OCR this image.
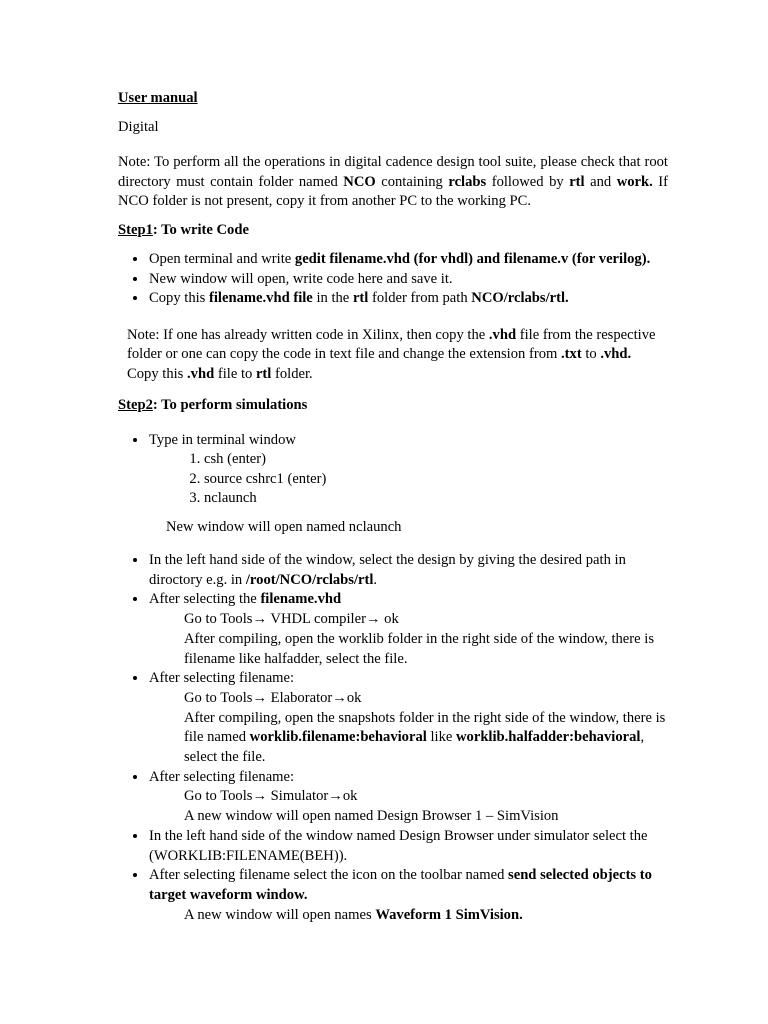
User manual

Digital

Note: To perform all the operations in digital cadence design tool suite, please check that root directory must contain folder named NCO containing rclabs followed by rtl and work. If NCO folder is not present, copy it from another PC to the working PC.

Step1: To write Code

• Open terminal and write gedit filename.vhd (for vhdl) and filename.v (for verilog).
• New window will open, write code here and save it.
• Copy this filename.vhd file in the rtl folder from path NCO/rclabs/rtl.

Note: If one has already written code in Xilinx, then copy the .vhd file from the respective folder or one can copy the code in text file and change the extension from .txt to .vhd. Copy this .vhd file to rtl folder.

Step2: To perform simulations

• Type in terminal window
1. csh (enter)
2. source cshrc1 (enter)
3. nclaunch

New window will open named nclaunch

• In the left hand side of the window, select the design by giving the desired path in diroctory e.g. in /root/NCO/rclabs/rtl.
• After selecting the filename.vhd
Go to Tools→ VHDL compiler→ ok
After compiling, open the worklib folder in the right side of the window, there is filename like halfadder, select the file.
• After selecting filename:
Go to Tools→ Elaborator→ok
After compiling, open the snapshots folder in the right side of the window, there is file named worklib.filename:behavioral like worklib.halfadder:behavioral, select the file.
• After selecting filename:
Go to Tools→ Simulator→ok
A new window will open named Design Browser 1 – SimVision
• In the left hand side of the window named Design Browser under simulator select the (WORKLIB:FILENAME(BEH)).
• After selecting filename select the icon on the toolbar named send selected objects to target waveform window.
A new window will open names Waveform 1 SimVision.
